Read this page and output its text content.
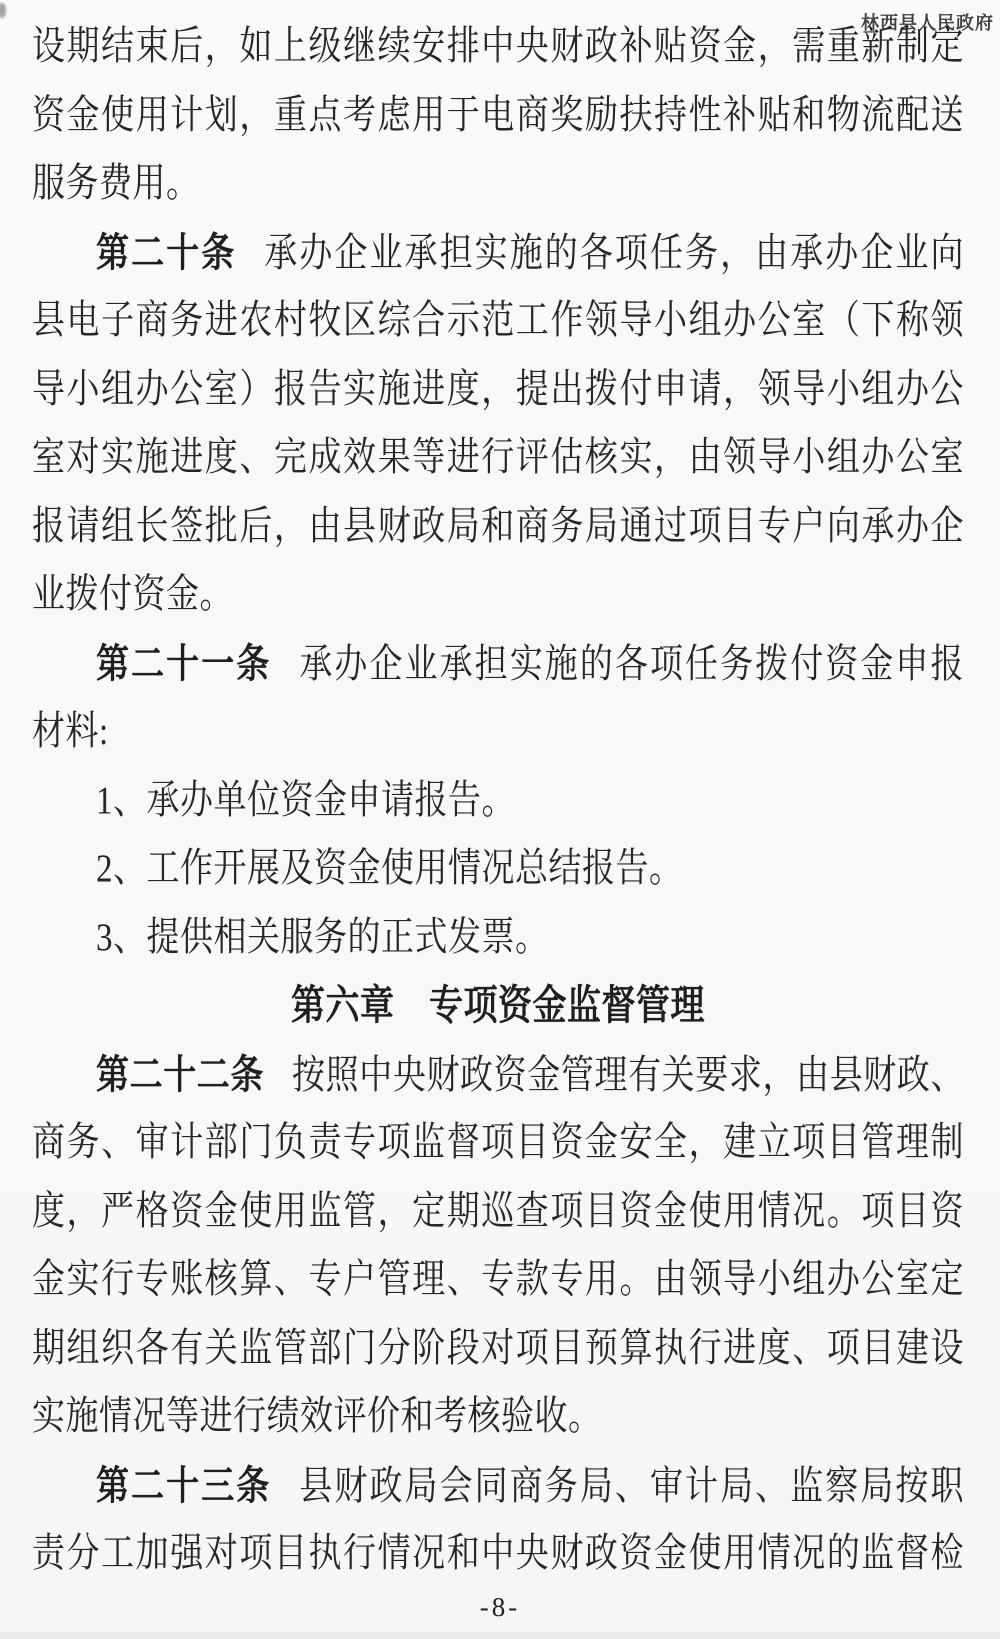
林西县人民政府
设期结束后，如上级继续安排中央财政补贴资金，需重新制定
资金使用计划，重点考虑用于电商奖励扶持性补贴和物流配送
服务费用。
第二十条 承办企业承担实施的各项任务，由承办企业向
县电子商务进农村牧区综合示范工作领导小组办公室（下称领
导小组办公室）报告实施进度，提出拨付申请，领导小组办公
室对实施进度、完成效果等进行评估核实，由领导小组办公室
报请组长签批后，由县财政局和商务局通过项目专户向承办企
业拨付资金。
第二十一条 承办企业承担实施的各项任务拨付资金申报
材料:
1、承办单位资金申请报告。
2、工作开展及资金使用情况总结报告。
3、提供相关服务的正式发票。
第六章　专项资金监督管理
第二十二条 按照中央财政资金管理有关要求，由县财政、
商务、审计部门负责专项监督项目资金安全，建立项目管理制
度，严格资金使用监管，定期巡查项目资金使用情况。项目资
金实行专账核算、专户管理、专款专用。由领导小组办公室定
期组织各有关监管部门分阶段对项目预算执行进度、项目建设
实施情况等进行绩效评价和考核验收。
第二十三条 县财政局会同商务局、审计局、监察局按职
责分工加强对项目执行情况和中央财政资金使用情况的监督检
-8-
